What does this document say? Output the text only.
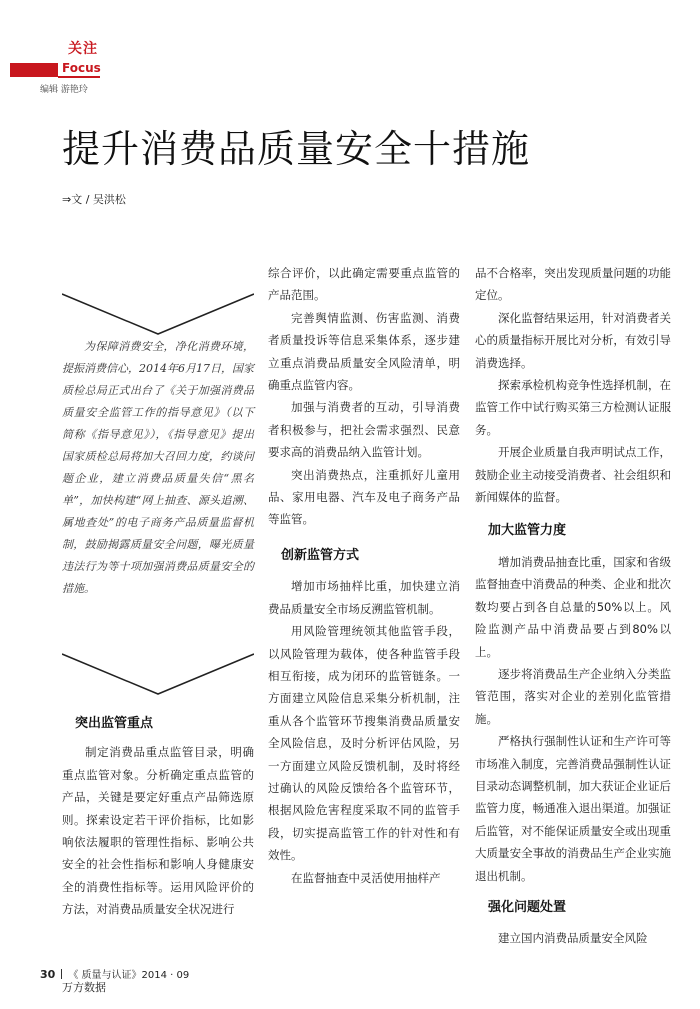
关注
Focus
编辑 游艳玲
提升消费品质量安全十措施
⇒文 / 吴洪松

为保障消费安全，净化消费环境，提振消费信心，2014年6月17日，国家质检总局正式出台了《关于加强消费品质量安全监管工作的指导意见》（以下简称《指导意见》），《指导意见》提出国家质检总局将加大召回力度，约谈问题企业，建立消费品质量失信“黑名单”，加快构建“网上抽查、源头追溯、属地查处”的电子商务产品质量监督机制，鼓励揭露质量安全问题，曝光质量违法行为等十项加强消费品质量安全的措施。

突出监管重点

制定消费品重点监管目录，明确重点监管对象。分析确定重点监管的产品，关键是要定好重点产品筛选原则。探索设定若干评价指标，比如影响依法履职的管理性指标、影响公共安全的社会性指标和影响人身健康安全的消费性指标等。运用风险评价的方法，对消费品质量安全状况进行

综合评价，以此确定需要重点监管的产品范围。

完善舆情监测、伤害监测、消费者质量投诉等信息采集体系，逐步建立重点消费品质量安全风险清单，明确重点监管内容。

加强与消费者的互动，引导消费者积极参与，把社会需求强烈、民意要求高的消费品纳入监管计划。

突出消费热点，注重抓好儿童用品、家用电器、汽车及电子商务产品等监管。

创新监管方式

增加市场抽样比重，加快建立消费品质量安全市场反溯监管机制。

用风险管理统领其他监管手段，以风险管理为载体，使各种监管手段相互衔接，成为闭环的监管链条。一方面建立风险信息采集分析机制，注重从各个监管环节搜集消费品质量安全风险信息，及时分析评估风险，另一方面建立风险反馈机制，及时将经过确认的风险反馈给各个监管环节，根据风险危害程度采取不同的监管手段，切实提高监管工作的针对性和有效性。

在监督抽查中灵活使用抽样产

品不合格率，突出发现质量问题的功能定位。

深化监督结果运用，针对消费者关心的质量指标开展比对分析，有效引导消费选择。

探索承检机构竞争性选择机制，在监管工作中试行购买第三方检测认证服务。

开展企业质量自我声明试点工作，鼓励企业主动接受消费者、社会组织和新闻媒体的监督。

加大监管力度

增加消费品抽查比重，国家和省级监督抽查中消费品的种类、企业和批次数均要占到各自总量的50%以上。风险监测产品中消费品要占到80%以上。

逐步将消费品生产企业纳入分类监管范围，落实对企业的差别化监管措施。

严格执行强制性认证和生产许可等市场准入制度，完善消费品强制性认证目录动态调整机制，加大获证企业证后监管力度，畅通准入退出渠道。加强证后监管，对不能保证质量安全或出现重大质量安全事故的消费品生产企业实施退出机制。

强化问题处置

建立国内消费品质量安全风险

30 《 质量与认证》2014 · 09
万方数据
